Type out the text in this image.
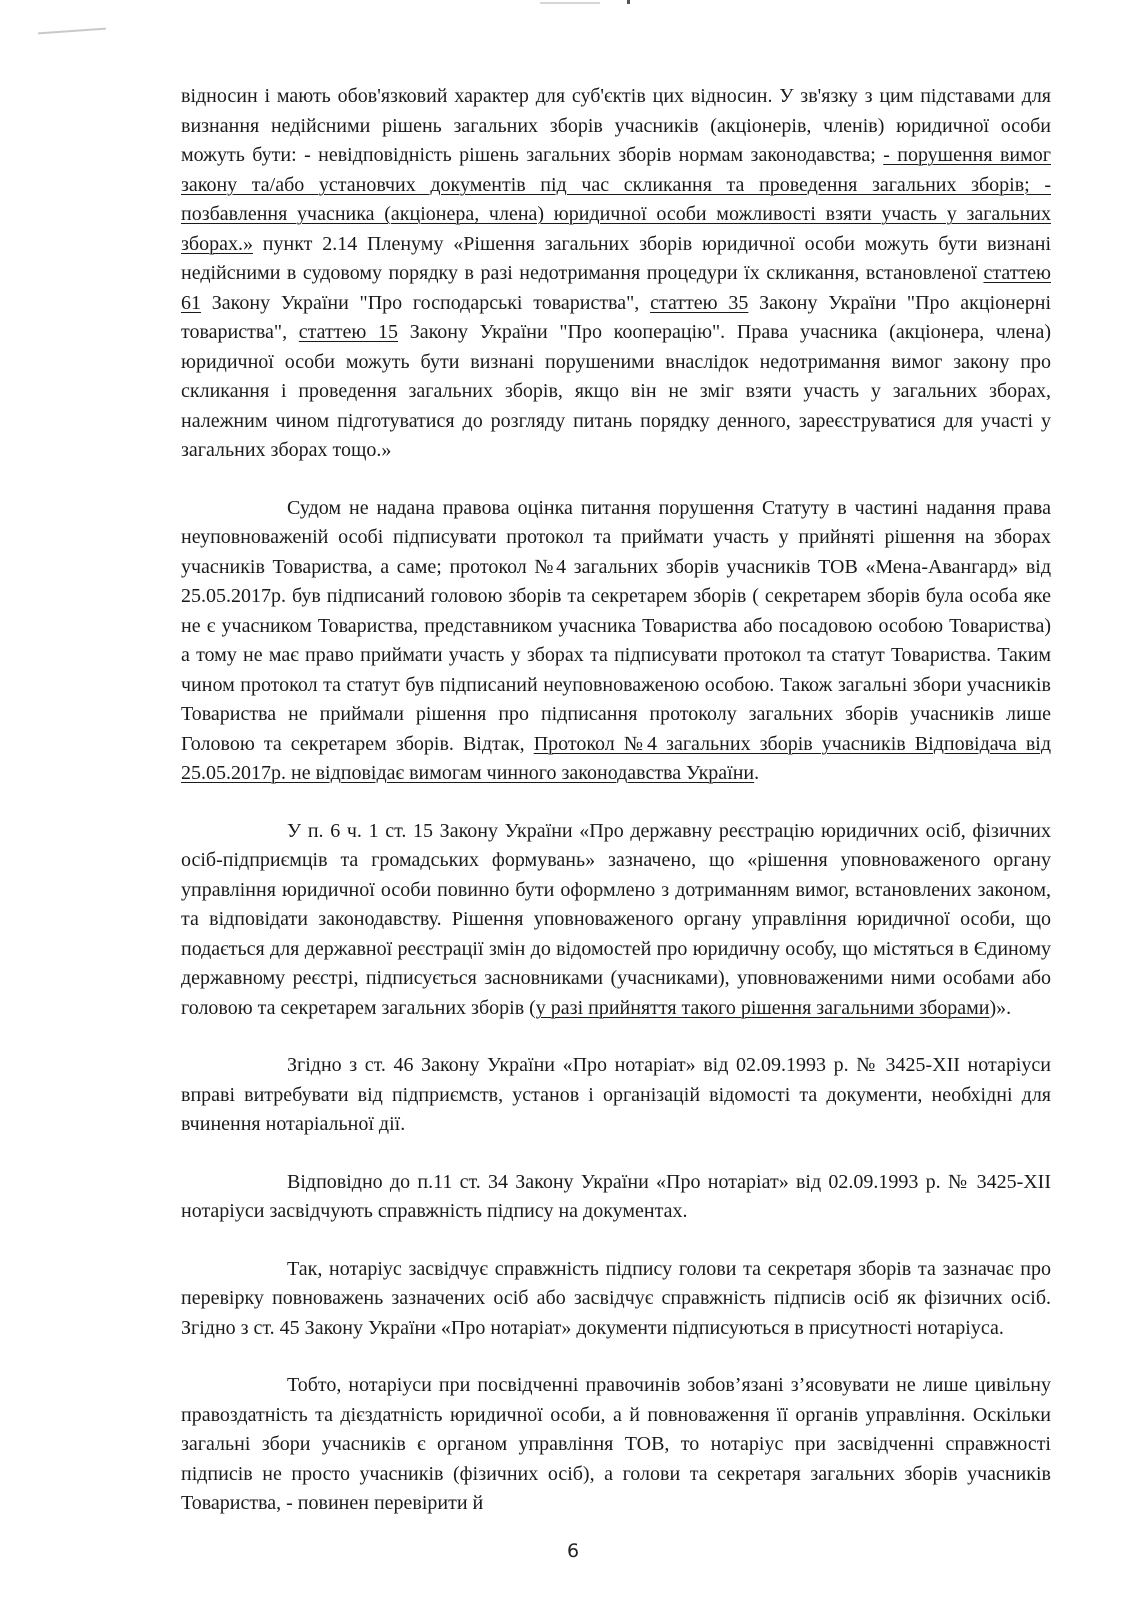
відносин і мають обов'язковий характер для суб'єктів цих відносин. У зв'язку з цим підставами для визнання недійсними рішень загальних зборів учасників (акціонерів, членів) юридичної особи можуть бути: - невідповідність рішень загальних зборів нормам законодавства; - порушення вимог закону та/або установчих документів під час скликання та проведення загальних зборів; - позбавлення учасника (акціонера, члена) юридичної особи можливості взяти участь у загальних зборах.» пункт 2.14 Пленуму «Рішення загальних зборів юридичної особи можуть бути визнані недійсними в судовому порядку в разі недотримання процедури їх скликання, встановленої статтею 61 Закону України "Про господарські товариства", статтею 35 Закону України "Про акціонерні товариства", статтею 15 Закону України "Про кооперацію". Права учасника (акціонера, члена) юридичної особи можуть бути визнані порушеними внаслідок недотримання вимог закону про скликання і проведення загальних зборів, якщо він не зміг взяти участь у загальних зборах, належним чином підготуватися до розгляду питань порядку денного, зареєструватися для участі у загальних зборах тощо.»

Судом не надана правова оцінка питання порушення Статуту в частині надання права неуповноваженій особі підписувати протокол та приймати участь у прийняті рішення на зборах учасників Товариства, а саме; протокол №4 загальних зборів учасників ТОВ «Мена-Авангард» від 25.05.2017р. був підписаний головою зборів та секретарем зборів ( секретарем зборів була особа яке не є учасником Товариства, представником учасника Товариства або посадовою особою Товариства) а тому не має право приймати участь у зборах та підписувати протокол та статут Товариства. Таким чином протокол та статут був підписаний неуповноваженою особою. Також загальні збори учасників Товариства не приймали рішення про підписання протоколу загальних зборів учасників лише Головою та секретарем зборів. Відтак, Протокол №4 загальних зборів учасників Відповідача від 25.05.2017р. не відповідає вимогам чинного законодавства України.

У п. 6 ч. 1 ст. 15 Закону України «Про державну реєстрацію юридичних осіб, фізичних осіб-підприємців та громадських формувань» зазначено, що «рішення уповноваженого органу управління юридичної особи повинно бути оформлено з дотриманням вимог, встановлених законом, та відповідати законодавству. Рішення уповноваженого органу управління юридичної особи, що подається для державної реєстрації змін до відомостей про юридичну особу, що містяться в Єдиному державному реєстрі, підписується засновниками (учасниками), уповноваженими ними особами або головою та секретарем загальних зборів (у разі прийняття такого рішення загальними зборами)».

Згідно з ст. 46 Закону України «Про нотаріат» від 02.09.1993 р. № 3425-XII нотаріуси вправі витребувати від підприємств, установ і організацій відомості та документи, необхідні для вчинення нотаріальної дії.

Відповідно до п.11 ст. 34 Закону України «Про нотаріат» від 02.09.1993 р. № 3425-XII нотаріуси засвідчують справжність підпису на документах.

Так, нотаріус засвідчує справжність підпису голови та секретаря зборів та зазначає про перевірку повноважень зазначених осіб або засвідчує справжність підписів осіб як фізичних осіб. Згідно з ст. 45 Закону України «Про нотаріат» документи підписуються в присутності нотаріуса.

Тобто, нотаріуси при посвідченні правочинів зобов’язані з’ясовувати не лише цивільну правоздатність та дієздатність юридичної особи, а й повноваження її органів управління. Оскільки загальні збори учасників є органом управління ТОВ, то нотаріус при засвідченні справжності підписів не просто учасників (фізичних осіб), а голови та секретаря загальних зборів учасників Товариства, - повинен перевірити й

6
